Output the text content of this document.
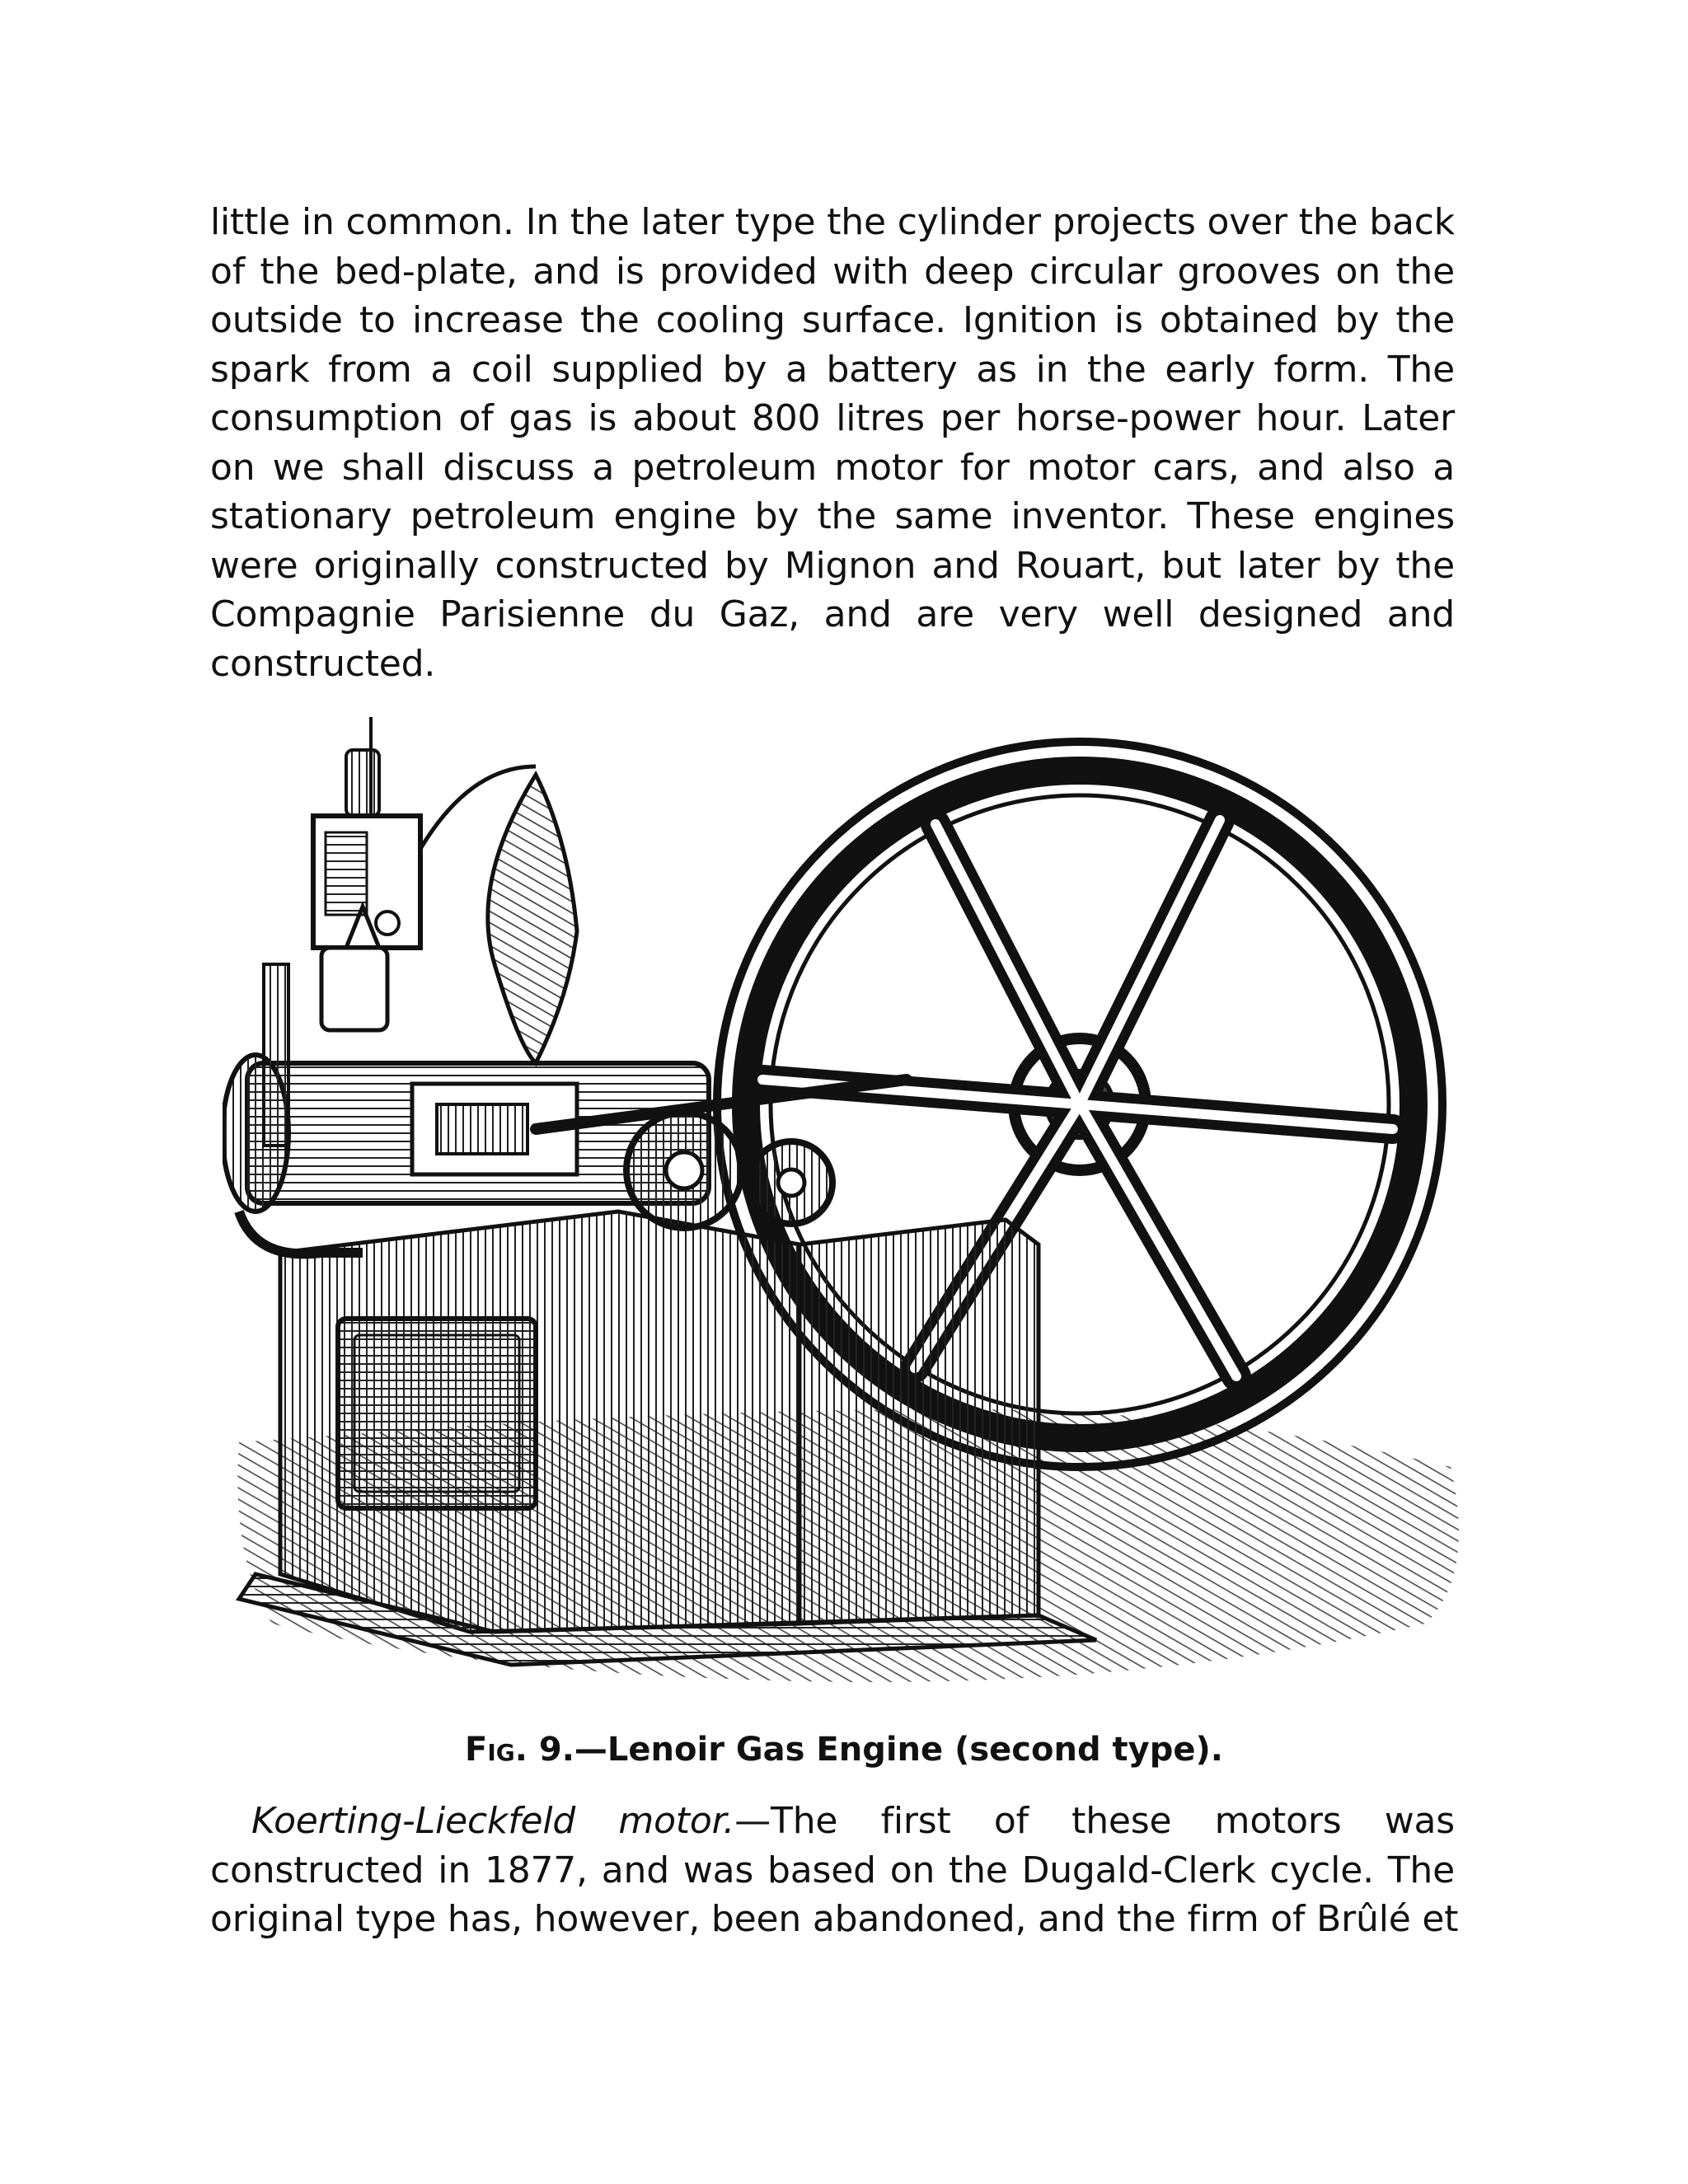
little in common. In the later type the cylinder projects over the back
of the bed-plate, and is provided with deep circular grooves on the
outside to increase the cooling surface. Ignition is obtained by the
spark from a coil supplied by a battery as in the early form. The
consumption of gas is about 800 litres per horse-power hour. Later
on we shall discuss a petroleum motor for motor cars, and also a
stationary petroleum engine by the same inventor. These engines
were originally constructed by Mignon and Rouart, but later by the
Compagnie Parisienne du Gaz, and are very well designed and
constructed.
Fig. 9.—Lenoir Gas Engine (second type).
Koerting-Lieckfeld motor.—The first of these motors was
constructed in 1877, and was based on the Dugald-Clerk cycle. The
original type has, however, been abandoned, and the firm of Brûlé et
